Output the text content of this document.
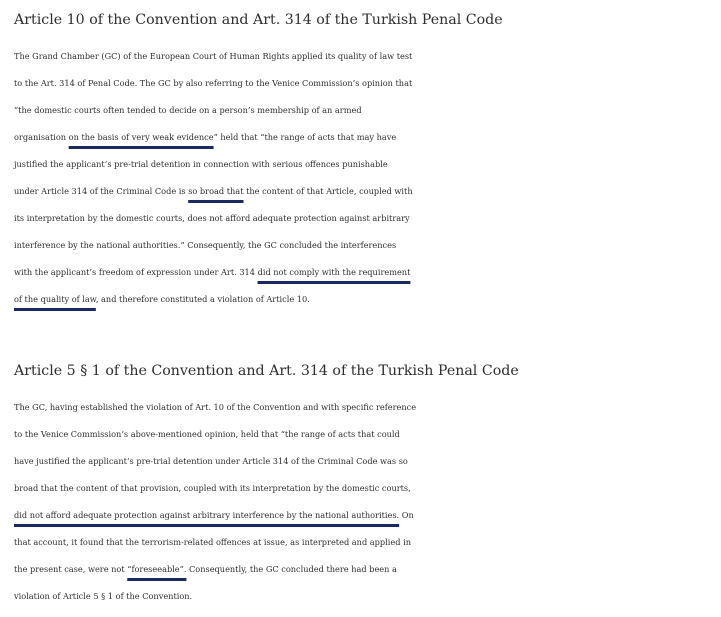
Article 10 of the Convention and Art. 314 of the Turkish Penal Code
The Grand Chamber (GC) of the European Court of Human Rights applied its quality of law test
to the Art. 314 of Penal Code. The GC by also referring to the Venice Commission’s opinion that
”the domestic courts often tended to decide on a person’s membership of an armed
organisation on the basis of very weak evidence” held that “the range of acts that may have
justified the applicant’s pre-trial detention in connection with serious offences punishable
under Article 314 of the Criminal Code is so broad that the content of that Article, coupled with
its interpretation by the domestic courts, does not afford adequate protection against arbitrary
interference by the national authorities.” Consequently, the GC concluded the interferences
with the applicant’s freedom of expression under Art. 314 did not comply with the requirement
of the quality of law, and therefore constituted a violation of Article 10.
Article 5 § 1 of the Convention and Art. 314 of the Turkish Penal Code
The GC, having established the violation of Art. 10 of the Convention and with specific reference
to the Venice Commission’s above-mentioned opinion, held that “the range of acts that could
have justified the applicant’s pre-trial detention under Article 314 of the Criminal Code was so
broad that the content of that provision, coupled with its interpretation by the domestic courts,
did not afford adequate protection against arbitrary interference by the national authorities. On
that account, it found that the terrorism-related offences at issue, as interpreted and applied in
the present case, were not “foreseeable”. Consequently, the GC concluded there had been a
violation of Article 5 § 1 of the Convention.
